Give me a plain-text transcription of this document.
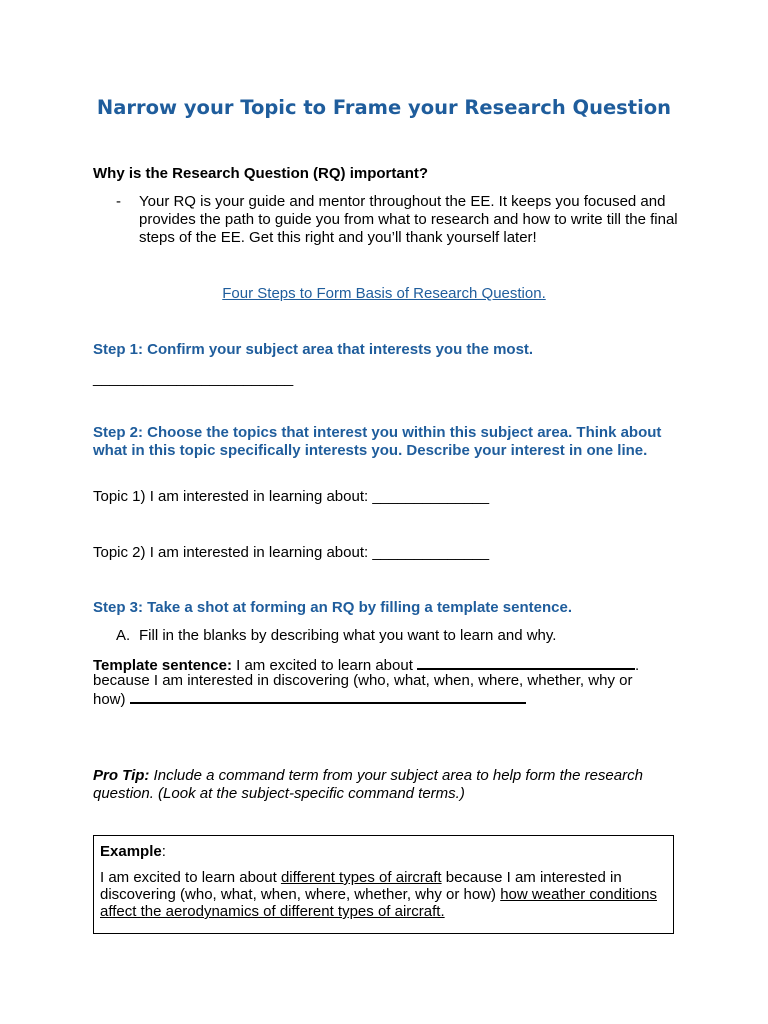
Narrow your Topic to Frame your Research Question
Why is the Research Question (RQ) important?
- Your RQ is your guide and mentor throughout the EE. It keeps you focused and provides the path to guide you from what to research and how to write till the final steps of the EE. Get this right and you’ll thank yourself later!
Four Steps to Form Basis of Research Question.
Step 1: Confirm your subject area that interests you the most.
________________________
Step 2: Choose the topics that interest you within this subject area. Think about what in this topic specifically interests you. Describe your interest in one line.
Topic 1) I am interested in learning about: ______________
Topic 2) I am interested in learning about: ______________
Step 3: Take a shot at forming an RQ by filling a template sentence.
A. Fill in the blanks by describing what you want to learn and why.
Template sentence: I am excited to learn about	.
because I am interested in discovering (who, what, when, where, whether, why or
how)
Pro Tip: Include a command term from your subject area to help form the research question. (Look at the subject-specific command terms.)
Example:
I am excited to learn about different types of aircraft because I am interested in discovering (who, what, when, where, whether, why or how) how weather conditions affect the aerodynamics of different types of aircraft.
